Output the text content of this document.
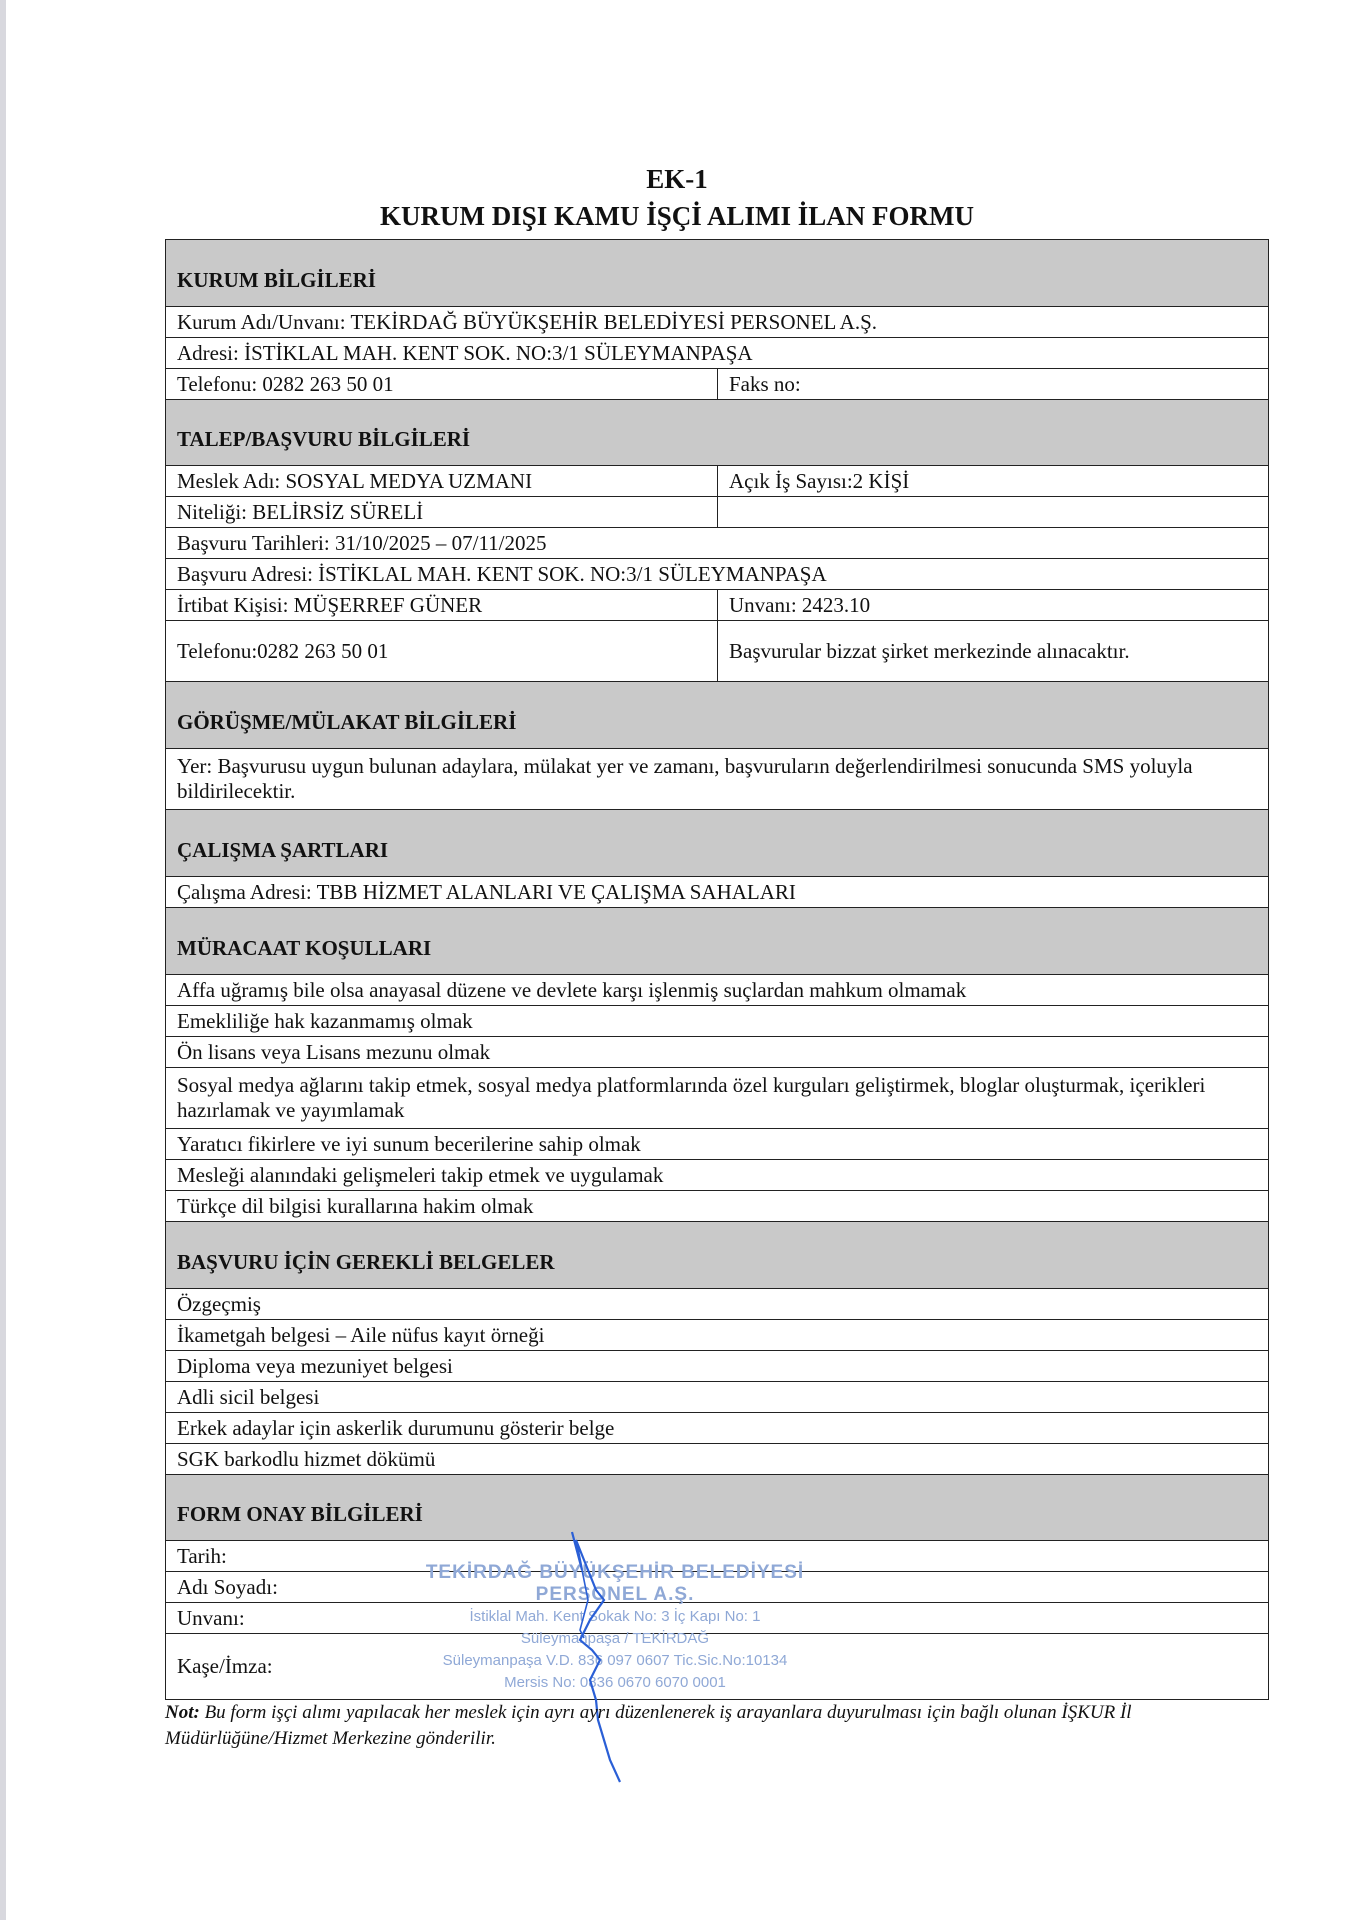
EK-1
KURUM DIŞI KAMU İŞÇİ ALIMI İLAN FORMU
KURUM BİLGİLERİ
Kurum Adı/Unvanı: TEKİRDAĞ BÜYÜKŞEHİR BELEDİYESİ PERSONEL A.Ş.
Adresi: İSTİKLAL MAH. KENT SOK. NO:3/1 SÜLEYMANPAŞA
Telefonu: 0282 263 50 01	Faks no:
TALEP/BAŞVURU BİLGİLERİ
Meslek Adı: SOSYAL MEDYA UZMANI	Açık İş Sayısı:2 KİŞİ
Niteliği: BELİRSİZ SÜRELİ
Başvuru Tarihleri: 31/10/2025 – 07/11/2025
Başvuru Adresi: İSTİKLAL MAH. KENT SOK. NO:3/1 SÜLEYMANPAŞA
İrtibat Kişisi: MÜŞERREF GÜNER	Unvanı: 2423.10
Telefonu:0282 263 50 01	Başvurular bizzat şirket merkezinde alınacaktır.
GÖRÜŞME/MÜLAKAT BİLGİLERİ
Yer: Başvurusu uygun bulunan adaylara, mülakat yer ve zamanı, başvuruların değerlendirilmesi sonucunda SMS yoluyla bildirilecektir.
ÇALIŞMA ŞARTLARI
Çalışma Adresi: TBB HİZMET ALANLARI VE ÇALIŞMA SAHALARI
MÜRACAAT KOŞULLARI
Affa uğramış bile olsa anayasal düzene ve devlete karşı işlenmiş suçlardan mahkum olmamak
Emekliliğe hak kazanmamış olmak
Ön lisans veya Lisans mezunu olmak
Sosyal medya ağlarını takip etmek, sosyal medya platformlarında özel kurguları geliştirmek, bloglar oluşturmak, içerikleri hazırlamak ve yayımlamak
Yaratıcı fikirlere ve iyi sunum becerilerine sahip olmak
Mesleği alanındaki gelişmeleri takip etmek ve uygulamak
Türkçe dil bilgisi kurallarına hakim olmak
BAŞVURU İÇİN GEREKLİ BELGELER
Özgeçmiş
İkametgah belgesi – Aile nüfus kayıt örneği
Diploma veya mezuniyet belgesi
Adli sicil belgesi
Erkek adaylar için askerlik durumunu gösterir belge
SGK barkodlu hizmet dökümü
FORM ONAY BİLGİLERİ
Tarih:
Adı Soyadı:
Unvanı:
Kaşe/İmza:
TEKİRDAĞ BÜYÜKŞEHİR BELEDİYESİ
PERSONEL A.Ş.
İstiklal Mah. Kent Sokak No: 3 İç Kapı No: 1
Süleymanpaşa / TEKİRDAĞ
Süleymanpaşa V.D. 836 097 0607 Tic.Sic.No:10134
Mersis No: 0836 0670 6070 0001
Not: Bu form işçi alımı yapılacak her meslek için ayrı ayrı düzenlenerek iş arayanlara duyurulması için bağlı olunan İŞKUR İl Müdürlüğüne/Hizmet Merkezine gönderilir.
